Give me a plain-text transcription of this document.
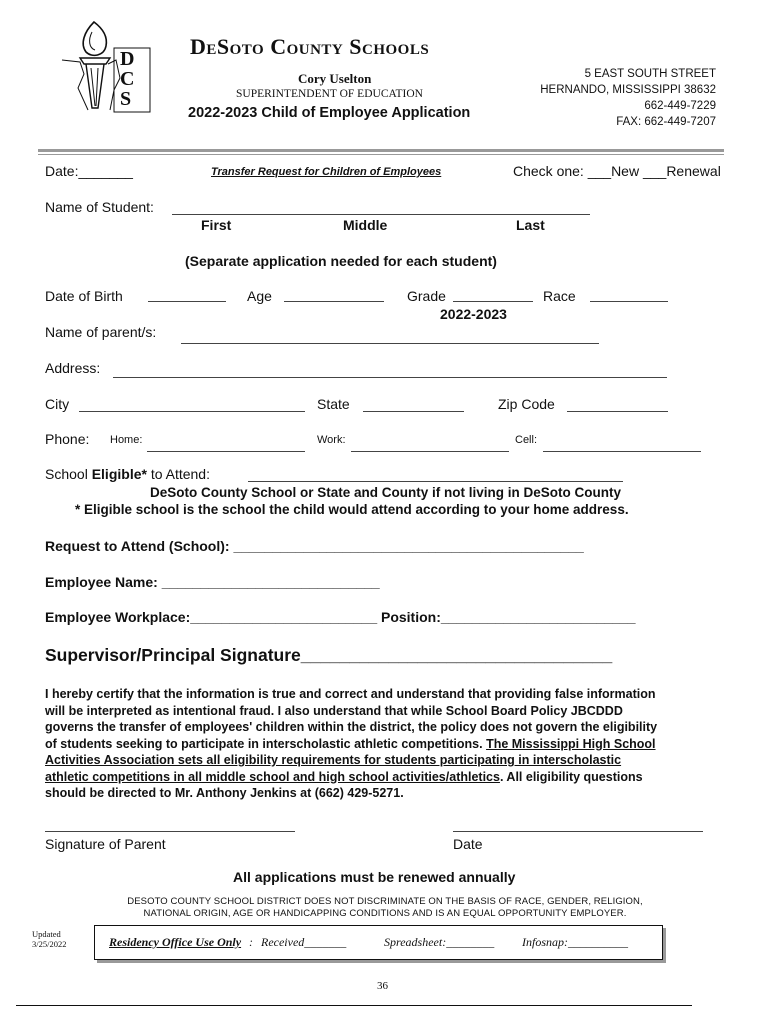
D
C
S
DeSoto County Schools
Cory Uselton
SUPERINTENDENT OF EDUCATION
2022-2023 Child of Employee Application
5 EAST SOUTH STREET
HERNANDO, MISSISSIPPI 38632
662-449-7229
FAX: 662-449-7207
Date:_______	Transfer Request for Children of Employees	Check one: ___New ___Renewal
Name of Student:
First	Middle	Last
(Separate application needed for each student)
Date of Birth	Age	Grade	Race
2022-2023
Name of parent/s:
Address:
City	State	Zip Code
Phone: Home:	Work:	Cell:
School Eligible* to Attend:
DeSoto County School or State and County if not living in DeSoto County
* Eligible school is the school the child would attend according to your home address.
Request to Attend (School): _____________________________________________
Employee Name: ____________________________
Employee Workplace:________________________ Position:_________________________
Supervisor/Principal Signature________________________________
I hereby certify that the information is true and correct and understand that providing false information
will be interpreted as intentional fraud. I also understand that while School Board Policy JBCDDD
governs the transfer of employees' children within the district, the policy does not govern the eligibility
of students seeking to participate in interscholastic athletic competitions. The Mississippi High School
Activities Association sets all eligibility requirements for students participating in interscholastic
athletic competitions in all middle school and high school activities/athletics. All eligibility questions
should be directed to Mr. Anthony Jenkins at (662) 429-5271.
Signature of Parent	Date
All applications must be renewed annually
DESOTO COUNTY SCHOOL DISTRICT DOES NOT DISCRIMINATE ON THE BASIS OF RACE, GENDER, RELIGION,
NATIONAL ORIGIN, AGE OR HANDICAPPING CONDITIONS AND IS AN EQUAL OPPORTUNITY EMPLOYER.
Updated
3/25/2022	Residency Office Use Only : Received_______	Spreadsheet:________ Infosnap:__________
36
